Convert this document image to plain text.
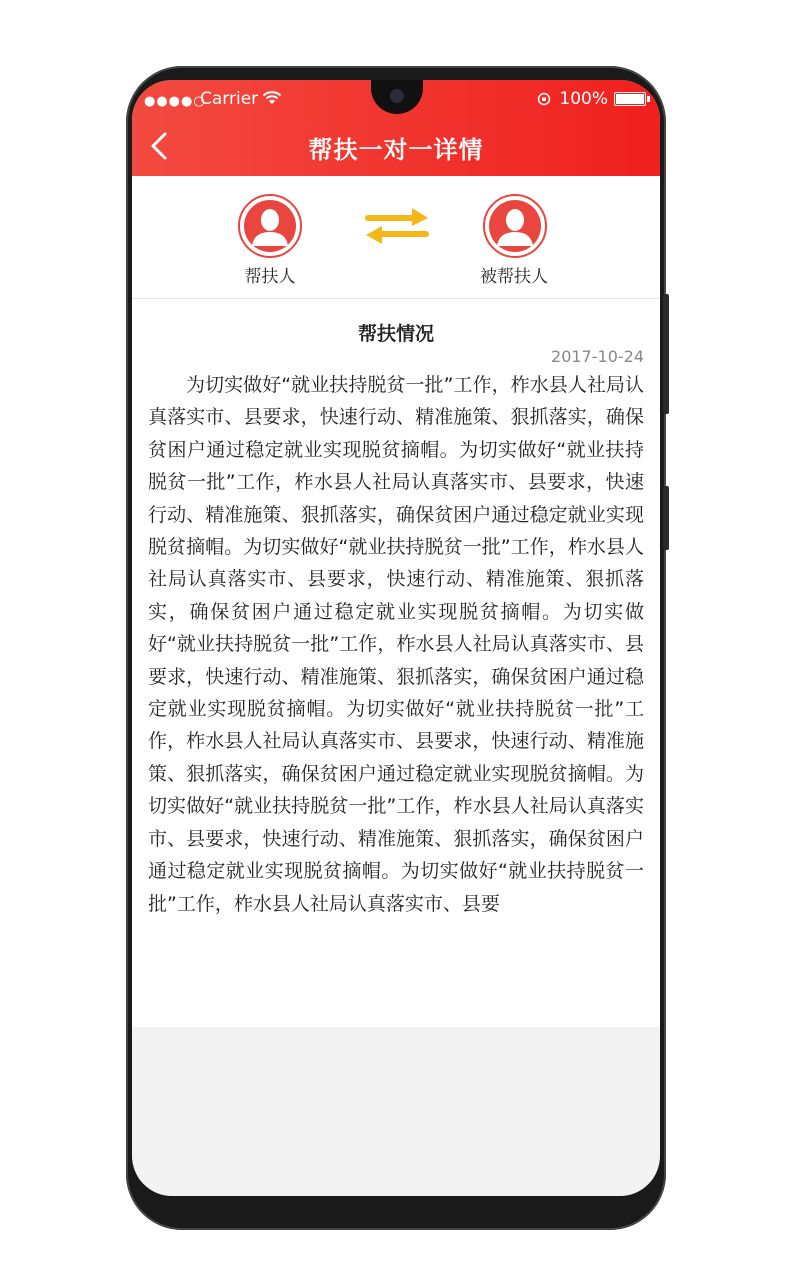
●●●●○
Carrier	100%
帮扶一对一详情
帮扶人	被帮扶人
帮扶情况
2017-10-24

为切实做好“就业扶持脱贫一批”工作，柞水县人社局认真落实市、县要求，快速行动、精准施策、狠抓落实，确保贫困户通过稳定就业实现脱贫摘帽。为切实做好“就业扶持脱贫一批”工作，柞水县人社局认真落实市、县要求，快速行动、精准施策、狠抓落实，确保贫困户通过稳定就业实现脱贫摘帽。为切实做好“就业扶持脱贫一批”工作，柞水县人社局认真落实市、县要求，快速行动、精准施策、狠抓落实，确保贫困户通过稳定就业实现脱贫摘帽。为切实做好“就业扶持脱贫一批”工作，柞水县人社局认真落实市、县要求，快速行动、精准施策、狠抓落实，确保贫困户通过稳定就业实现脱贫摘帽。为切实做好“就业扶持脱贫一批”工作，柞水县人社局认真落实市、县要求，快速行动、精准施策、狠抓落实，确保贫困户通过稳定就业实现脱贫摘帽。为切实做好“就业扶持脱贫一批”工作，柞水县人社局认真落实市、县要求，快速行动、精准施策、狠抓落实，确保贫困户通过稳定就业实现脱贫摘帽。为切实做好“就业扶持脱贫一批”工作，柞水县人社局认真落实市、县要
